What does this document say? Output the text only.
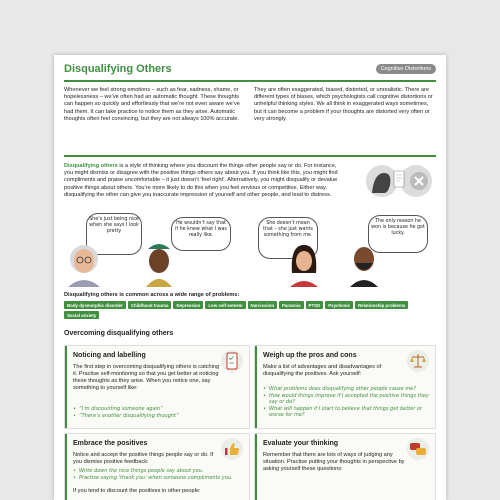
Disqualifying Others	Cognitive Distortions
Whenever we feel strong emotions – such as fear, sadness, shame, or hopelessness – we’ve often had an automatic thought. These thoughts can happen so quickly and effortlessly that we’re not even aware we’ve had them. It can take practice to notice them as they arise. Automatic thoughts often feel convincing, but they are not always 100% accurate.
They are often exaggerated, biased, distorted, or unrealistic. There are different types of biases, which psychologists call cognitive distortions or unhelpful thinking styles. We all think in exaggerated ways sometimes, but it can become a problem if your thoughts are distorted very often or very strongly.
Disqualifying others is a style of thinking where you discount the things other people say or do. For instance, you might dismiss or disagree with the positive things others say about you. If you think like this, you might find compliments and praise uncomfortable – it just doesn’t ‘feel right’. Alternatively, you might disqualify or devalue positive things about others. You’re more likely to do this when you feel envious or competitive. Either way, disqualifying the other can give you inaccurate impression of yourself and other people, and lead to distress.
She’s just being nice when she says I look pretty
He wouldn’t say that if he knew what I was really like.
She doesn’t mean that – she just wants something from me.
The only reason he won is because he got lucky.
Disqualifying others is common across a wide range of problems:
Body dysmorphic disorder	Childhood trauma	Depression	Low self-esteem	Narcissism	Paranoia	PTSD	Psychosis	Relationship problems
Social anxiety
Overcoming disqualifying others
Noticing and labelling

The first step in overcoming disqualifying others is catching it. Practise self-monitoring so that you get better at noticing these thoughts as they arise. When you notice one, say something to yourself like:

• “I’m discounting someone again”
• “There’s another disqualifying thought”
Weigh up the pros and cons

Make a list of advantages and disadvantages of disqualifying the positives. Ask yourself:

• What problems does disqualifying other people cause me?
• How would things improve if I accepted the positive things they say or do?
• What will happen if I start to believe that things get better or worse for me?
Embrace the positives

Notice and accept the positive things people say or do. If you dismiss positive feedback:

• Write down the nice things people say about you.
• Practise saying ‘thank you’ when someone compliments you.

If you tend to discount the positives in other people:

Evaluate your thinking

Remember that there are lots of ways of judging any situation. Practise putting your thoughts in perspective by asking yourself these questions:
